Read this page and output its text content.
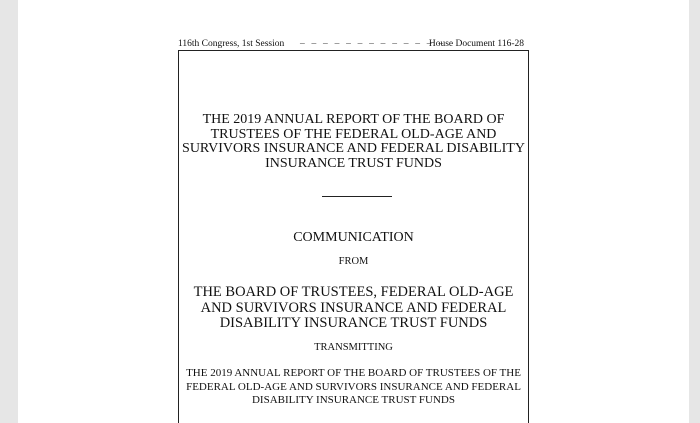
116th Congress, 1st Session – – – – – – – – – – – – –
House Document 116-28
THE 2019 ANNUAL REPORT OF THE BOARD OF TRUSTEES OF THE FEDERAL OLD-AGE AND SURVIVORS INSURANCE AND FEDERAL DISABILITY INSURANCE TRUST FUNDS
COMMUNICATION
FROM
THE BOARD OF TRUSTEES, FEDERAL OLD-AGE AND SURVIVORS INSURANCE AND FEDERAL DISABILITY INSURANCE TRUST FUNDS
TRANSMITTING
THE 2019 ANNUAL REPORT OF THE BOARD OF TRUSTEES OF THE FEDERAL OLD-AGE AND SURVIVORS INSURANCE AND FEDERAL DISABILITY INSURANCE TRUST FUNDS
